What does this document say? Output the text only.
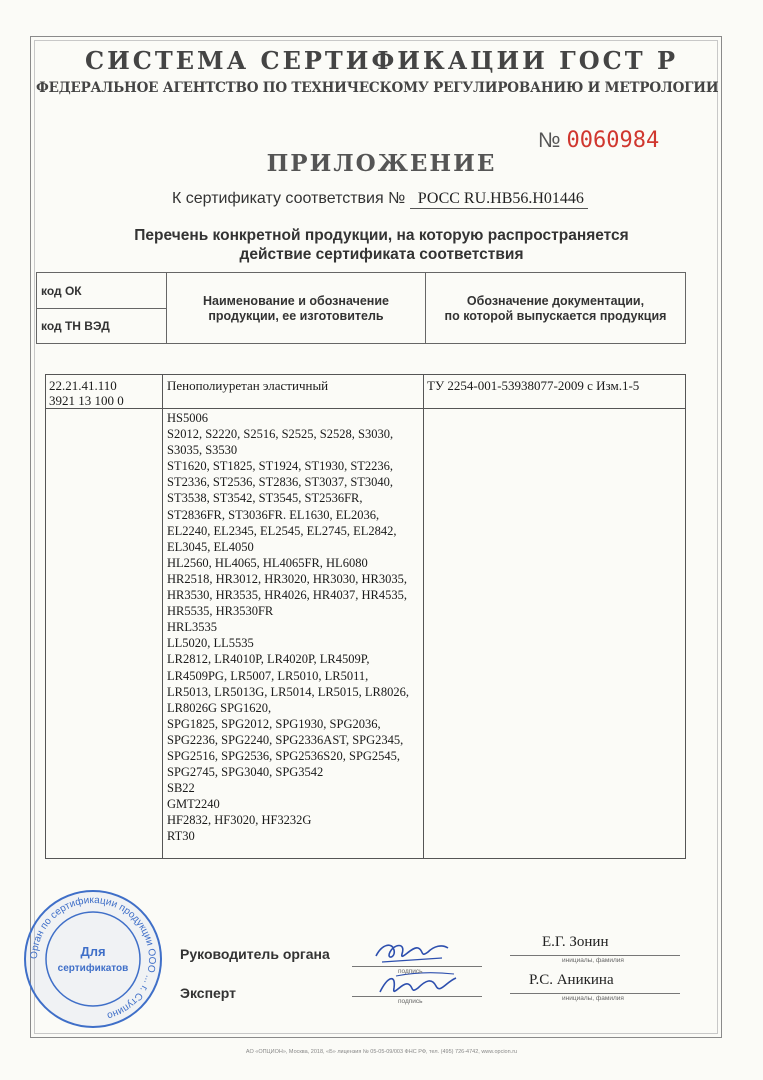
СИСТЕМА СЕРТИФИКАЦИИ ГОСТ Р
ФЕДЕРАЛЬНОЕ АГЕНТСТВО ПО ТЕХНИЧЕСКОМУ РЕГУЛИРОВАНИЮ И МЕТРОЛОГИИ
№ 0060984
ПРИЛОЖЕНИЕ
К сертификату соответствия № РОСС RU.HB56.H01446
Перечень конкретной продукции, на которую распространяется
действие сертификата соответствия
код ОК
код ТН ВЭД
Наименование и обозначение
продукции, ее изготовитель
Обозначение документации,
по которой выпускается продукция
22.21.41.110
3921 13 100 0
Пенополиуретан эластичный	ТУ 2254-001-53938077-2009 с Изм.1-5
HS5006
S2012, S2220, S2516, S2525, S2528, S3030,
S3035, S3530
ST1620, ST1825, ST1924, ST1930, ST2236,
ST2336, ST2536, ST2836, ST3037, ST3040,
ST3538, ST3542, ST3545, ST2536FR,
ST2836FR, ST3036FR. EL1630, EL2036,
EL2240, EL2345, EL2545, EL2745, EL2842,
EL3045, EL4050
HL2560, HL4065, HL4065FR, HL6080
HR2518, HR3012, HR3020, HR3030, HR3035,
HR3530, HR3535, HR4026, HR4037, HR4535,
HR5535, HR3530FR
HRL3535
LL5020, LL5535
LR2812, LR4010P, LR4020P, LR4509P,
LR4509PG, LR5007, LR5010, LR5011,
LR5013, LR5013G, LR5014, LR5015, LR8026,
LR8026G SPG1620,
SPG1825, SPG2012, SPG1930, SPG2036,
SPG2236, SPG2240, SPG2336AST, SPG2345,
SPG2516, SPG2536, SPG2536S20, SPG2545,
SPG2745, SPG3040, SPG3542
SB22
GMT2240
HF2832, HF3020, HF3232G
RT30
Орган по сертификации продукции ООО ... г. Ступино
Для
сертификатов
Руководитель органа
Эксперт
подпись
Е.Г. Зонин
инициалы, фамилия
подпись
Р.С. Аникина
инициалы, фамилия
АО «ОПЦИОН», Москва, 2018, «Б» лицензия № 05-05-09/003 ФНС РФ, тел. (495) 726-4742, www.opcion.ru
